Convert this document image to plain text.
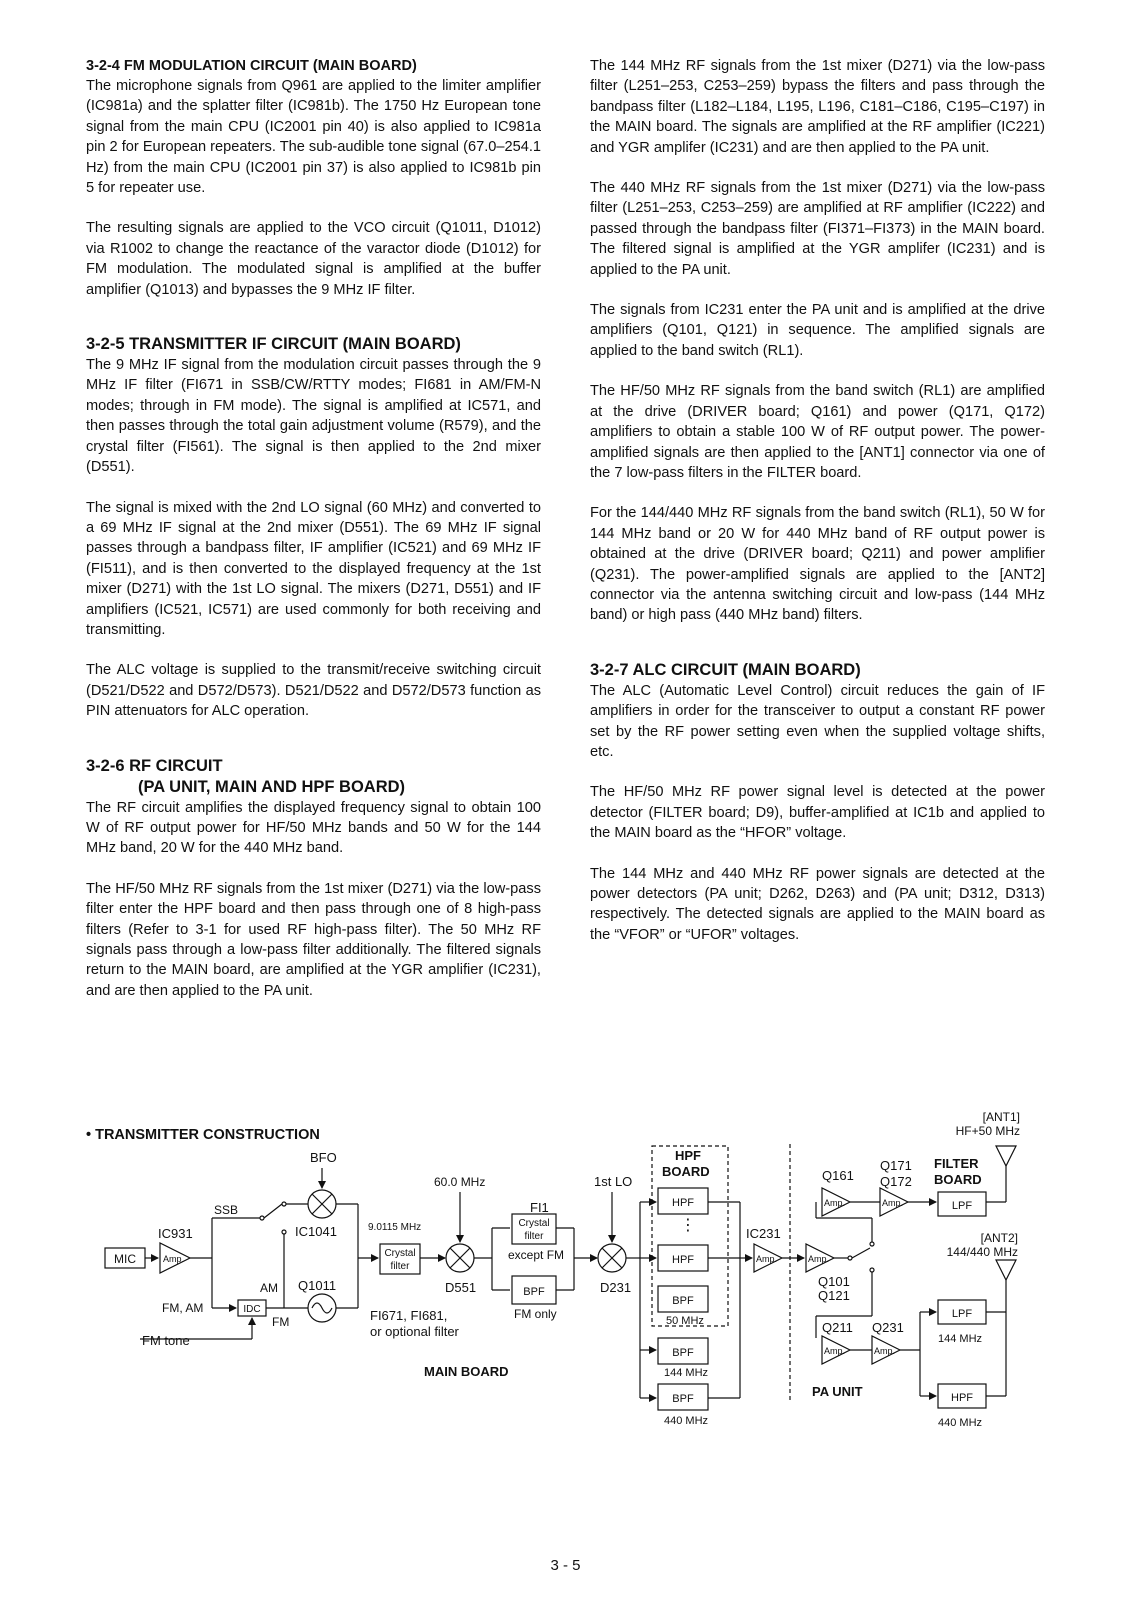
3-2-4 FM MODULATION CIRCUIT (MAIN BOARD)

The microphone signals from Q961 are applied to the limiter amplifier (IC981a) and the splatter filter (IC981b). The 1750 Hz European tone signal from the main CPU (IC2001 pin 40) is also applied to IC981a pin 2 for European repeaters. The sub-audible tone signal (67.0–254.1 Hz) from the main CPU (IC2001 pin 37) is also applied to IC981b pin 5 for repeater use.

The resulting signals are applied to the VCO circuit (Q1011, D1012) via R1002 to change the reactance of the varactor diode (D1012) for FM modulation. The modulated signal is amplified at the buffer amplifier (Q1013) and bypasses the 9 MHz IF filter.

3-2-5 TRANSMITTER IF CIRCUIT (MAIN BOARD)

The 9 MHz IF signal from the modulation circuit passes through the 9 MHz IF filter (FI671 in SSB/CW/RTTY modes; FI681 in AM/FM-N modes; through in FM mode). The signal is amplified at IC571, and then passes through the total gain adjustment volume (R579), and the crystal filter (FI561). The signal is then applied to the 2nd mixer (D551).

The signal is mixed with the 2nd LO signal (60 MHz) and converted to a 69 MHz IF signal at the 2nd mixer (D551). The 69 MHz IF signal passes through a bandpass filter, IF amplifier (IC521) and 69 MHz IF (FI511), and is then converted to the displayed frequency at the 1st mixer (D271) with the 1st LO signal. The mixers (D271, D551) and IF amplifiers (IC521, IC571) are used commonly for both receiving and transmitting.

The ALC voltage is supplied to the transmit/receive switching circuit (D521/D522 and D572/D573). D521/D522 and D572/D573 function as PIN attenuators for ALC operation.

3-2-6 RF CIRCUIT
(PA UNIT, MAIN AND HPF BOARD)

The RF circuit amplifies the displayed frequency signal to obtain 100 W of RF output power for HF/50 MHz bands and 50 W for the 144 MHz band, 20 W for the 440 MHz band.

The HF/50 MHz RF signals from the 1st mixer (D271) via the low-pass filter enter the HPF board and then pass through one of 8 high-pass filters (Refer to 3-1 for used RF high-pass filter). The 50 MHz RF signals pass through a low-pass filter additionally. The filtered signals return to the MAIN board, are amplified at the YGR amplifier (IC231), and are then applied to the PA unit.

The 144 MHz RF signals from the 1st mixer (D271) via the low-pass filter (L251–253, C253–259) bypass the filters and pass through the bandpass filter (L182–L184, L195, L196, C181–C186, C195–C197) in the MAIN board. The signals are amplified at the RF amplifier (IC221) and YGR amplifer (IC231) and are then applied to the PA unit.

The 440 MHz RF signals from the 1st mixer (D271) via the low-pass filter (L251–253, C253–259) are amplified at RF amplifier (IC222) and passed through the bandpass filter (FI371–FI373) in the MAIN board. The filtered signal is amplified at the YGR amplifer (IC231) and is applied to the PA unit.

The signals from IC231 enter the PA unit and is amplified at the drive amplifiers (Q101, Q121) in sequence. The amplified signals are applied to the band switch (RL1).

The HF/50 MHz RF signals from the band switch (RL1) are amplified at the drive (DRIVER board; Q161) and power (Q171, Q172) amplifiers to obtain a stable 100 W of RF output power. The power-amplified signals are then applied to the [ANT1] connector via one of the 7 low-pass filters in the FILTER board.

For the 144/440 MHz RF signals from the band switch (RL1), 50 W for 144 MHz band or 20 W for 440 MHz band of RF output power is obtained at the drive (DRIVER board; Q211) and power amplifier (Q231). The power-amplified signals are applied to the [ANT2] connector via the antenna switching circuit and low-pass (144 MHz band) or high pass (440 MHz band) filters.

3-2-7 ALC CIRCUIT (MAIN BOARD)

The ALC (Automatic Level Control) circuit reduces the gain of IF amplifiers in order for the transceiver to output a constant RF power set by the RF power setting even when the supplied voltage shifts, etc.

The HF/50 MHz RF power signal level is detected at the power detector (FILTER board; D9), buffer-amplified at IC1b and applied to the MAIN board as the “HFOR” voltage.

The 144 MHz and 440 MHz RF power signals are detected at the power detectors (PA unit; D262, D263) and (PA unit; D312, D313) respectively. The detected signals are applied to the MAIN board as the “VFOR” or “UFOR” voltages.

• TRANSMITTER CONSTRUCTION

MIC	Amp.
IC931
SSB
BFO
IC1041
AM
FM, AM	IDC
FM
FM tone
Q1011
9.0115 MHz
Crystal
filter
FI671, FI681,
or optional filter
60.0 MHz
D551
FI1
Crystal
filter
except FM
BPF
FM only
1st LO
D231
MAIN BOARD
HPF
BOARD
HPF
⋮
HPF
BPF
50 MHz
BPF
144 MHz
BPF
440 MHz
Amp.
IC231
PA UNIT
Amp.
Q101
Q121
Q161
Amp.
Q171
Q172
Amp.
FILTER
BOARD
LPF
Q211
Amp.
Q231
Amp.
LPF
144 MHz
HPF
440 MHz
[ANT2]
144/440 MHz
[ANT1]
HF+50 MHz

3 - 5
